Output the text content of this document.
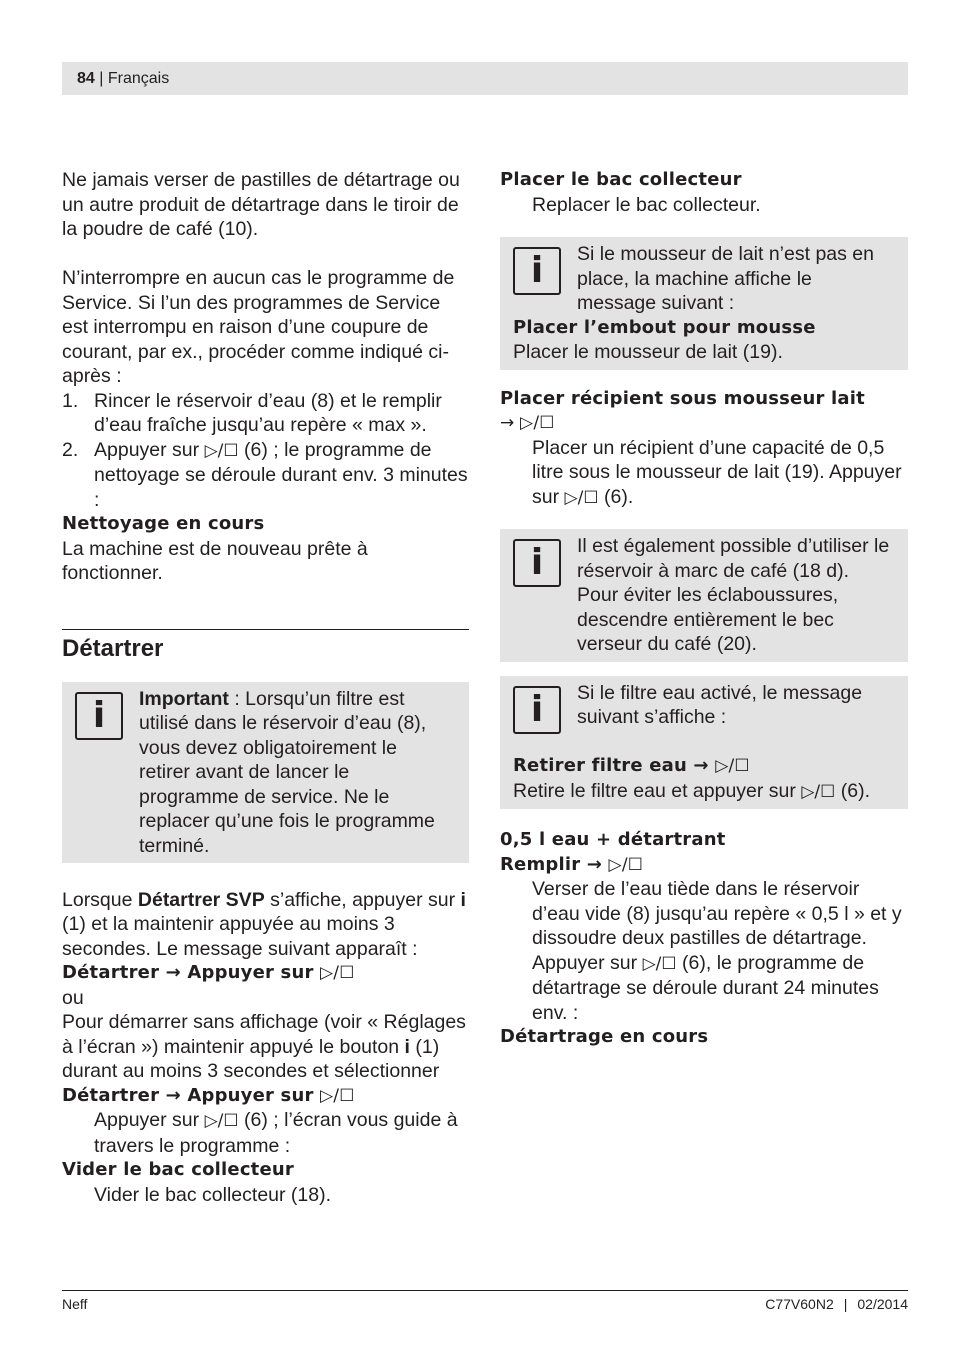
84 | Français

Ne jamais verser de pastilles de détartrage ou un autre produit de détartrage dans le tiroir de la poudre de café (10).

N’interrompre en aucun cas le programme de Service. Si l’un des programmes de Service est interrompu en raison d’une coupure de courant, par ex., procéder comme indiqué ci-après :

1. Rincer le réservoir d’eau (8) et le remplir d’eau fraîche jusqu’au repère « max ».
2. Appuyer sur ▷/☐ (6) ; le programme de nettoyage se déroule durant env. 3 minutes :

Nettoyage en cours

La machine est de nouveau prête à fonctionner.

Détartrer
i	Important : Lorsqu’un filtre est utilisé dans le réservoir d’eau (8), vous devez obligatoirement le retirer avant de lancer le programme de service. Ne le replacer qu’une fois le programme terminé.

Lorsque Détartrer SVP s’affiche, appuyer sur i (1) et la maintenir appuyée au moins 3 secondes. Le message suivant apparaît :

Détartrer → Appuyer sur ▷/☐

ou

Pour démarrer sans affichage (voir « Réglages à l’écran ») maintenir appuyé le bouton i (1) durant au moins 3 secondes et sélectionner

Détartrer → Appuyer sur ▷/☐

Appuyer sur ▷/☐ (6) ; l’écran vous guide à travers le programme :

Vider le bac collecteur

Vider le bac collecteur (18).

Placer le bac collecteur

Replacer le bac collecteur.

i	Si le mousseur de lait n’est pas en place, la machine affiche le message suivant :

Placer l’embout pour mousse

Placer le mousseur de lait (19).

Placer récipient sous mousseur lait

→ ▷/☐

Placer un récipient d’une capacité de 0,5 litre sous le mousseur de lait (19). Appuyer sur ▷/☐ (6).

i	Il est également possible d’utiliser le réservoir à marc de café (18 d). Pour éviter les éclaboussures, descendre entièrement le bec verseur du café (20).

i	Si le filtre eau activé, le message suivant s’affiche :

Retirer filtre eau → ▷/☐

Retire le filtre eau et appuyer sur ▷/☐ (6).

0,5 l eau + détartrant

Remplir → ▷/☐

Verser de l’eau tiède dans le réservoir d’eau vide (8) jusqu’au repère « 0,5 l » et y dissoudre deux pastilles de détartrage. Appuyer sur ▷/☐ (6), le programme de détartrage se déroule durant 24 minutes env. :

Détartrage en cours

Neff	C77V60N2 | 02/2014
